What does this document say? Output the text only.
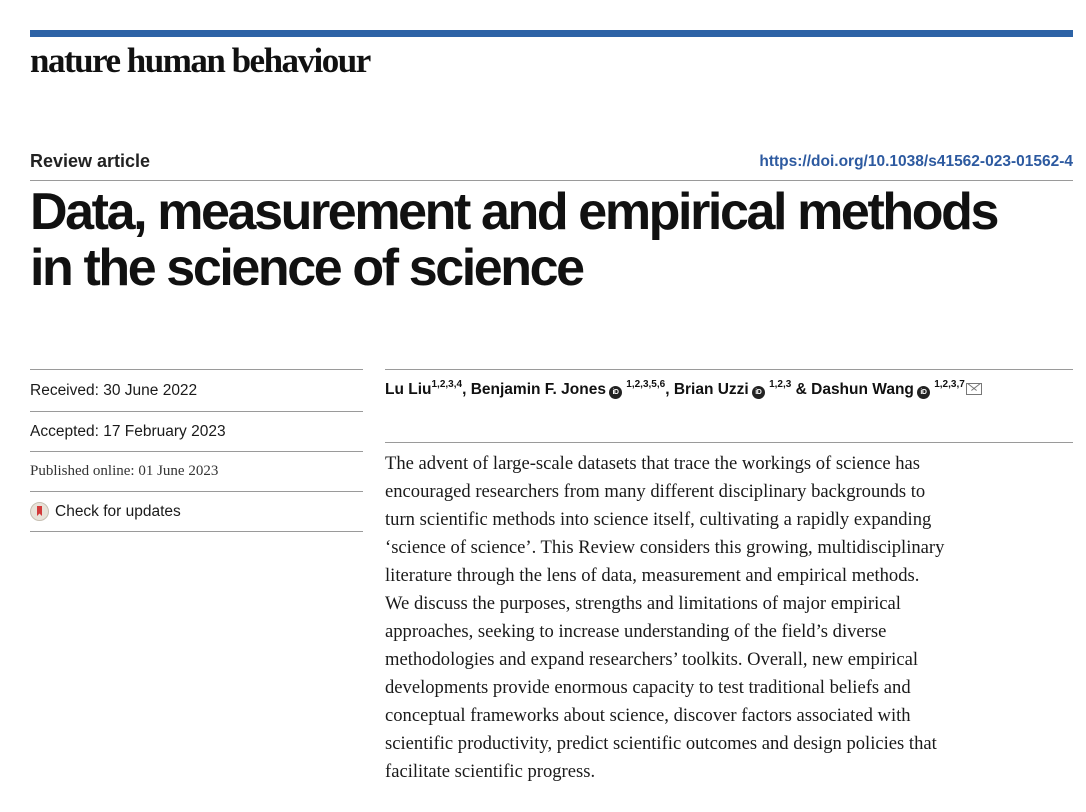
nature human behaviour
Review article	https://doi.org/10.1038/s41562-023-01562-4
Data, measurement and empirical methods
in the science of science
Received: 30 June 2022
Accepted: 17 February 2023
Published online: 01 June 2023
Check for updates
Lu Liu$^{1,2,3,4}$, Benjamin F. Jones iD $^{1,2,3,5,6}$, Brian Uzzi iD $^{1,2,3}$ & Dashun Wang iD $^{1,2,3,7}$
The advent of large-scale datasets that trace the workings of science has
encouraged researchers from many different disciplinary backgrounds to
turn scientific methods into science itself, cultivating a rapidly expanding
‘science of science’. This Review considers this growing, multidisciplinary
literature through the lens of data, measurement and empirical methods.
We discuss the purposes, strengths and limitations of major empirical
approaches, seeking to increase understanding of the field’s diverse
methodologies and expand researchers’ toolkits. Overall, new empirical
developments provide enormous capacity to test traditional beliefs and
conceptual frameworks about science, discover factors associated with
scientific productivity, predict scientific outcomes and design policies that
facilitate scientific progress.
